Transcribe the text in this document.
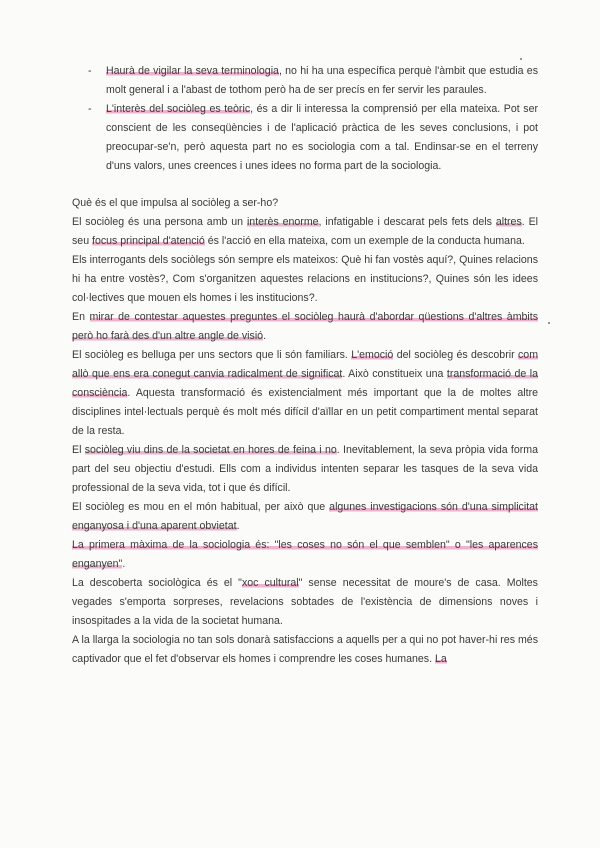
- Haurà de vigilar la seva terminologia, no hi ha una específica perquè l'àmbit que estudia es molt general i a l'abast de tothom però ha de ser precís en fer servir les paraules.
- L'interès del sociòleg es teòric, és a dir li interessa la comprensió per ella mateixa. Pot ser conscient de les conseqüències i de l'aplicació pràctica de les seves conclusions, i pot preocupar-se'n, però aquesta part no es sociologia com a tal. Endinsar-se en el terreny d'uns valors, unes creences i unes idees no forma part de la sociologia.

Què és el que impulsa al sociòleg a ser-ho?

El sociòleg és una persona amb un interès enorme, infatigable i descarat pels fets dels altres. El seu focus principal d'atenció és l'acció en ella mateixa, com un exemple de la conducta humana.

Els interrogants dels sociòlegs són sempre els mateixos: Què hi fan vostès aquí?, Quines relacions hi ha entre vostès?, Com s'organitzen aquestes relacions en institucions?, Quines són les idees col·lectives que mouen els homes i les institucions?.

En mirar de contestar aquestes preguntes el sociòleg haurà d'abordar qüestions d'altres àmbits però ho farà des d'un altre angle de visió.

El sociòleg es belluga per uns sectors que li són familiars. L'emoció del sociòleg és descobrir com allò que ens era conegut canvia radicalment de significat. Això constitueix una transformació de la consciència. Aquesta transformació és existencialment més important que la de moltes altre disciplines intel·lectuals perquè és molt més difícil d'aïllar en un petit compartiment mental separat de la resta.

El sociòleg viu dins de la societat en hores de feina i no. Inevitablement, la seva pròpia vida forma part del seu objectiu d'estudi. Ells com a individus intenten separar les tasques de la seva vida professional de la seva vida, tot i que és difícil.

El sociòleg es mou en el món habitual, per això que algunes investigacions són d'una simplicitat enganyosa i d'una aparent obvietat.

La primera màxima de la sociologia és: "les coses no són el que semblen" o "les aparences enganyen".

La descoberta sociològica és el "xoc cultural" sense necessitat de moure's de casa. Moltes vegades s'emporta sorpreses, revelacions sobtades de l'existència de dimensions noves i insospitades a la vida de la societat humana.

A la llarga la sociologia no tan sols donarà satisfaccions a aquells per a qui no pot haver-hi res més captivador que el fet d'observar els homes i comprendre les coses humanes. La
